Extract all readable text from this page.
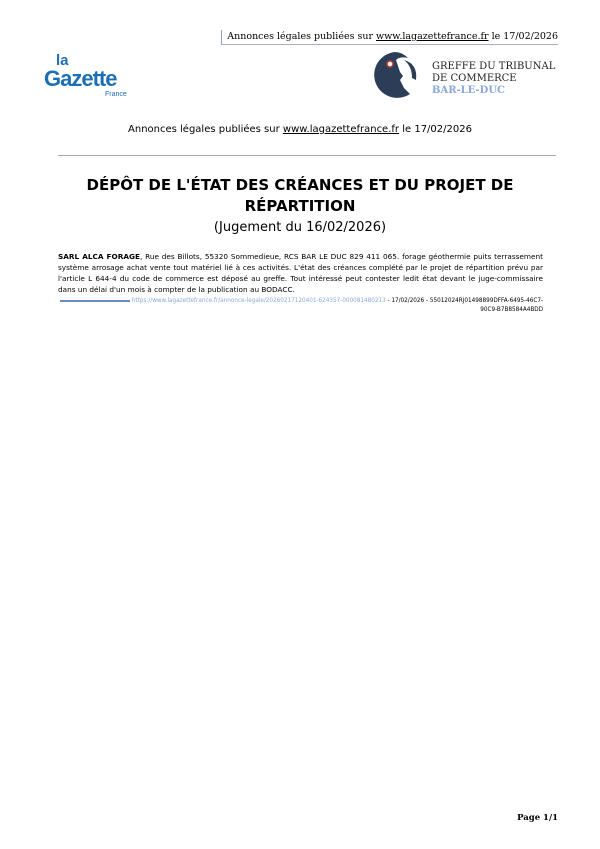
Annonces légales publiées sur www.lagazettefrance.fr le 17/02/2026
la
Gazette
France
GREFFE DU TRIBUNAL
DE COMMERCE
BAR-LE-DUC
Annonces légales publiées sur www.lagazettefrance.fr le 17/02/2026
DÉPÔT DE L'ÉTAT DES CRÉANCES ET DU PROJET DE RÉPARTITION
(Jugement du 16/02/2026)
SARL ALCA FORAGE, Rue des Billots, 55320 Sommedieue, RCS BAR LE DUC 829 411 065. forage géothermie puits terrassement système arrosage achat vente tout matériel lié à ces activités. L'état des créances complété par le projet de répartition prévu par l'article L 644-4 du code de commerce est déposé au greffe. Tout intéressé peut contester ledit état devant le juge-commissaire dans un délai d'un mois à compter de la publication au BODACC.
https://www.lagazettefrance.fr/annonce-legale/20260217120401-624357-000081480213 - 17/02/2026 - 55012024RJ01498899DFFA-6495-46C7-90C9-B7B8584A4BDD
Page 1/1
